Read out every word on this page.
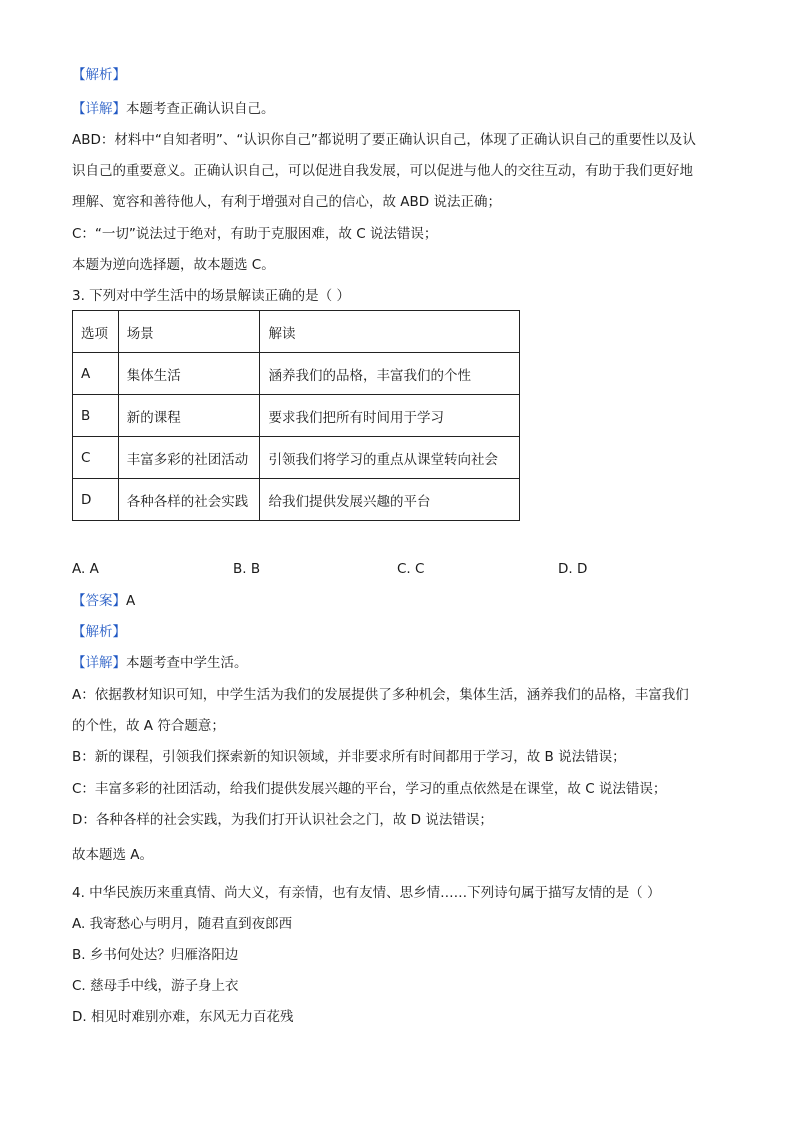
【解析】
【详解】本题考查正确认识自己。
ABD：材料中“自知者明”、“认识你自己”都说明了要正确认识自己，体现了正确认识自己的重要性以及认
识自己的重要意义。正确认识自己，可以促进自我发展，可以促进与他人的交往互动，有助于我们更好地
理解、宽容和善待他人，有利于增强对自己的信心，故 ABD 说法正确；
C：“一切”说法过于绝对，有助于克服困难，故 C 说法错误；
本题为逆向选择题，故本题选 C。
3. 下列对中学生活中的场景解读正确的是（ ）
选项	场景	解读
A	集体生活	涵养我们的品格，丰富我们的个性
B	新的课程	要求我们把所有时间用于学习
C	丰富多彩的社团活动	引领我们将学习的重点从课堂转向社会
D	各种各样的社会实践	给我们提供发展兴趣的平台
A. A	B. B	C. C	D. D
【答案】A
【解析】
【详解】本题考查中学生活。
A：依据教材知识可知，中学生活为我们的发展提供了多种机会，集体生活，涵养我们的品格，丰富我们
的个性，故 A 符合题意；
B：新的课程，引领我们探索新的知识领域，并非要求所有时间都用于学习，故 B 说法错误；
C：丰富多彩的社团活动，给我们提供发展兴趣的平台，学习的重点依然是在课堂，故 C 说法错误；
D：各种各样的社会实践，为我们打开认识社会之门，故 D 说法错误；
故本题选 A。
4. 中华民族历来重真情、尚大义，有亲情，也有友情、思乡情……下列诗句属于描写友情的是（ ）
A. 我寄愁心与明月，随君直到夜郎西
B. 乡书何处达？归雁洛阳边
C. 慈母手中线，游子身上衣
D. 相见时难别亦难，东风无力百花残
